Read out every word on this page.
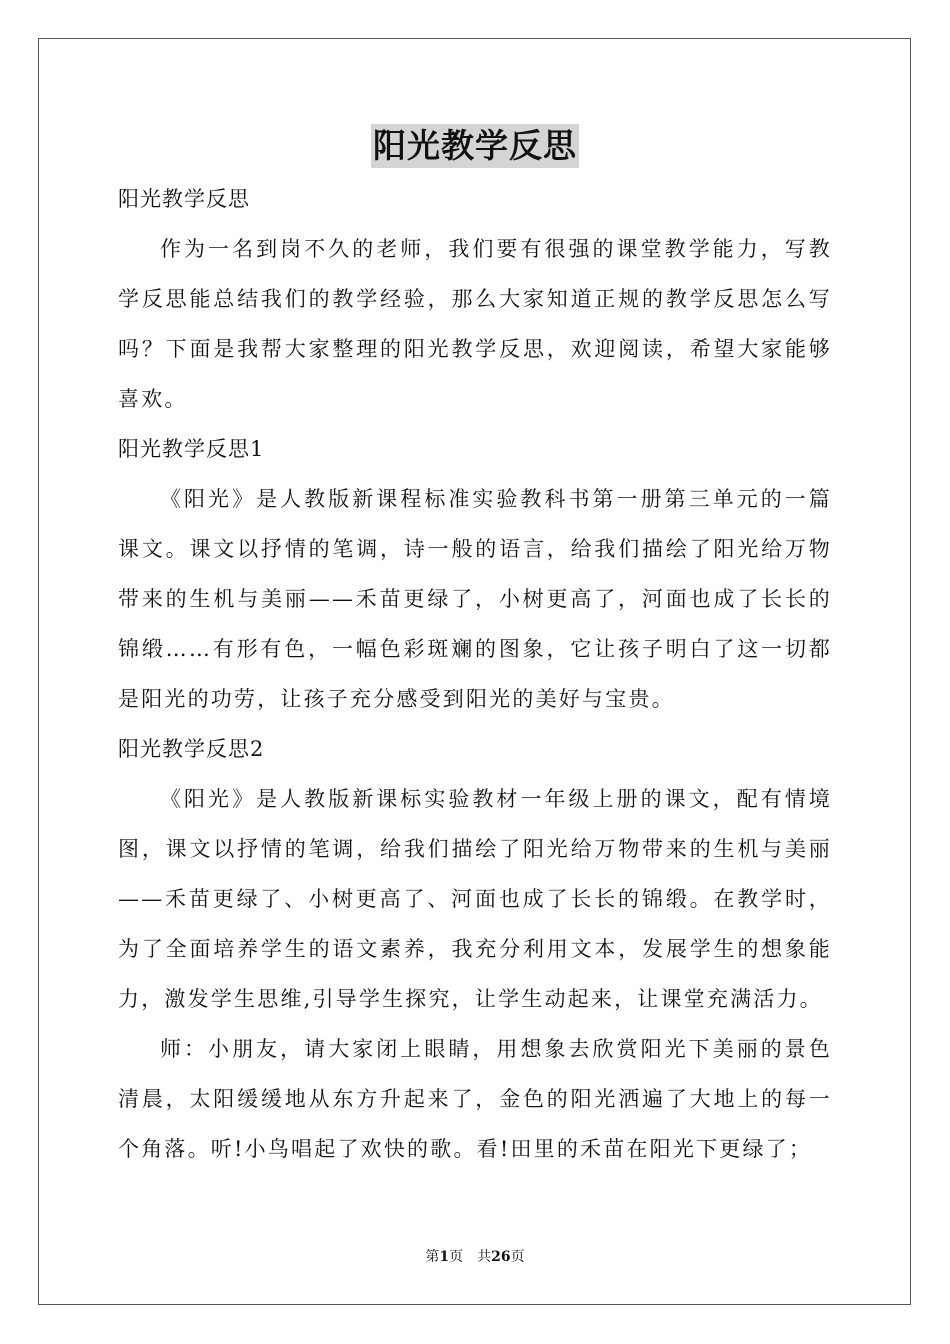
阳光教学反思
阳光教学反思

作为一名到岗不久的老师，我们要有很强的课堂教学能力，写教学反思能总结我们的教学经验，那么大家知道正规的教学反思怎么写吗？下面是我帮大家整理的阳光教学反思，欢迎阅读，希望大家能够喜欢。

阳光教学反思1

《阳光》是人教版新课程标准实验教科书第一册第三单元的一篇课文。课文以抒情的笔调，诗一般的语言，给我们描绘了阳光给万物带来的生机与美丽——禾苗更绿了，小树更高了，河面也成了长长的锦缎……有形有色，一幅色彩斑斓的图象，它让孩子明白了这一切都是阳光的功劳，让孩子充分感受到阳光的美好与宝贵。

阳光教学反思2

《阳光》是人教版新课标实验教材一年级上册的课文，配有情境图，课文以抒情的笔调，给我们描绘了阳光给万物带来的生机与美丽——禾苗更绿了、小树更高了、河面也成了长长的锦缎。在教学时，为了全面培养学生的语文素养，我充分利用文本，发展学生的想象能力，激发学生思维,引导学生探究，让学生动起来，让课堂充满活力。

师：小朋友，请大家闭上眼睛，用想象去欣赏阳光下美丽的景色清晨，太阳缓缓地从东方升起来了，金色的阳光洒遍了大地上的每一个角落。听!小鸟唱起了欢快的歌。看!田里的禾苗在阳光下更绿了；

第1页 共26页
